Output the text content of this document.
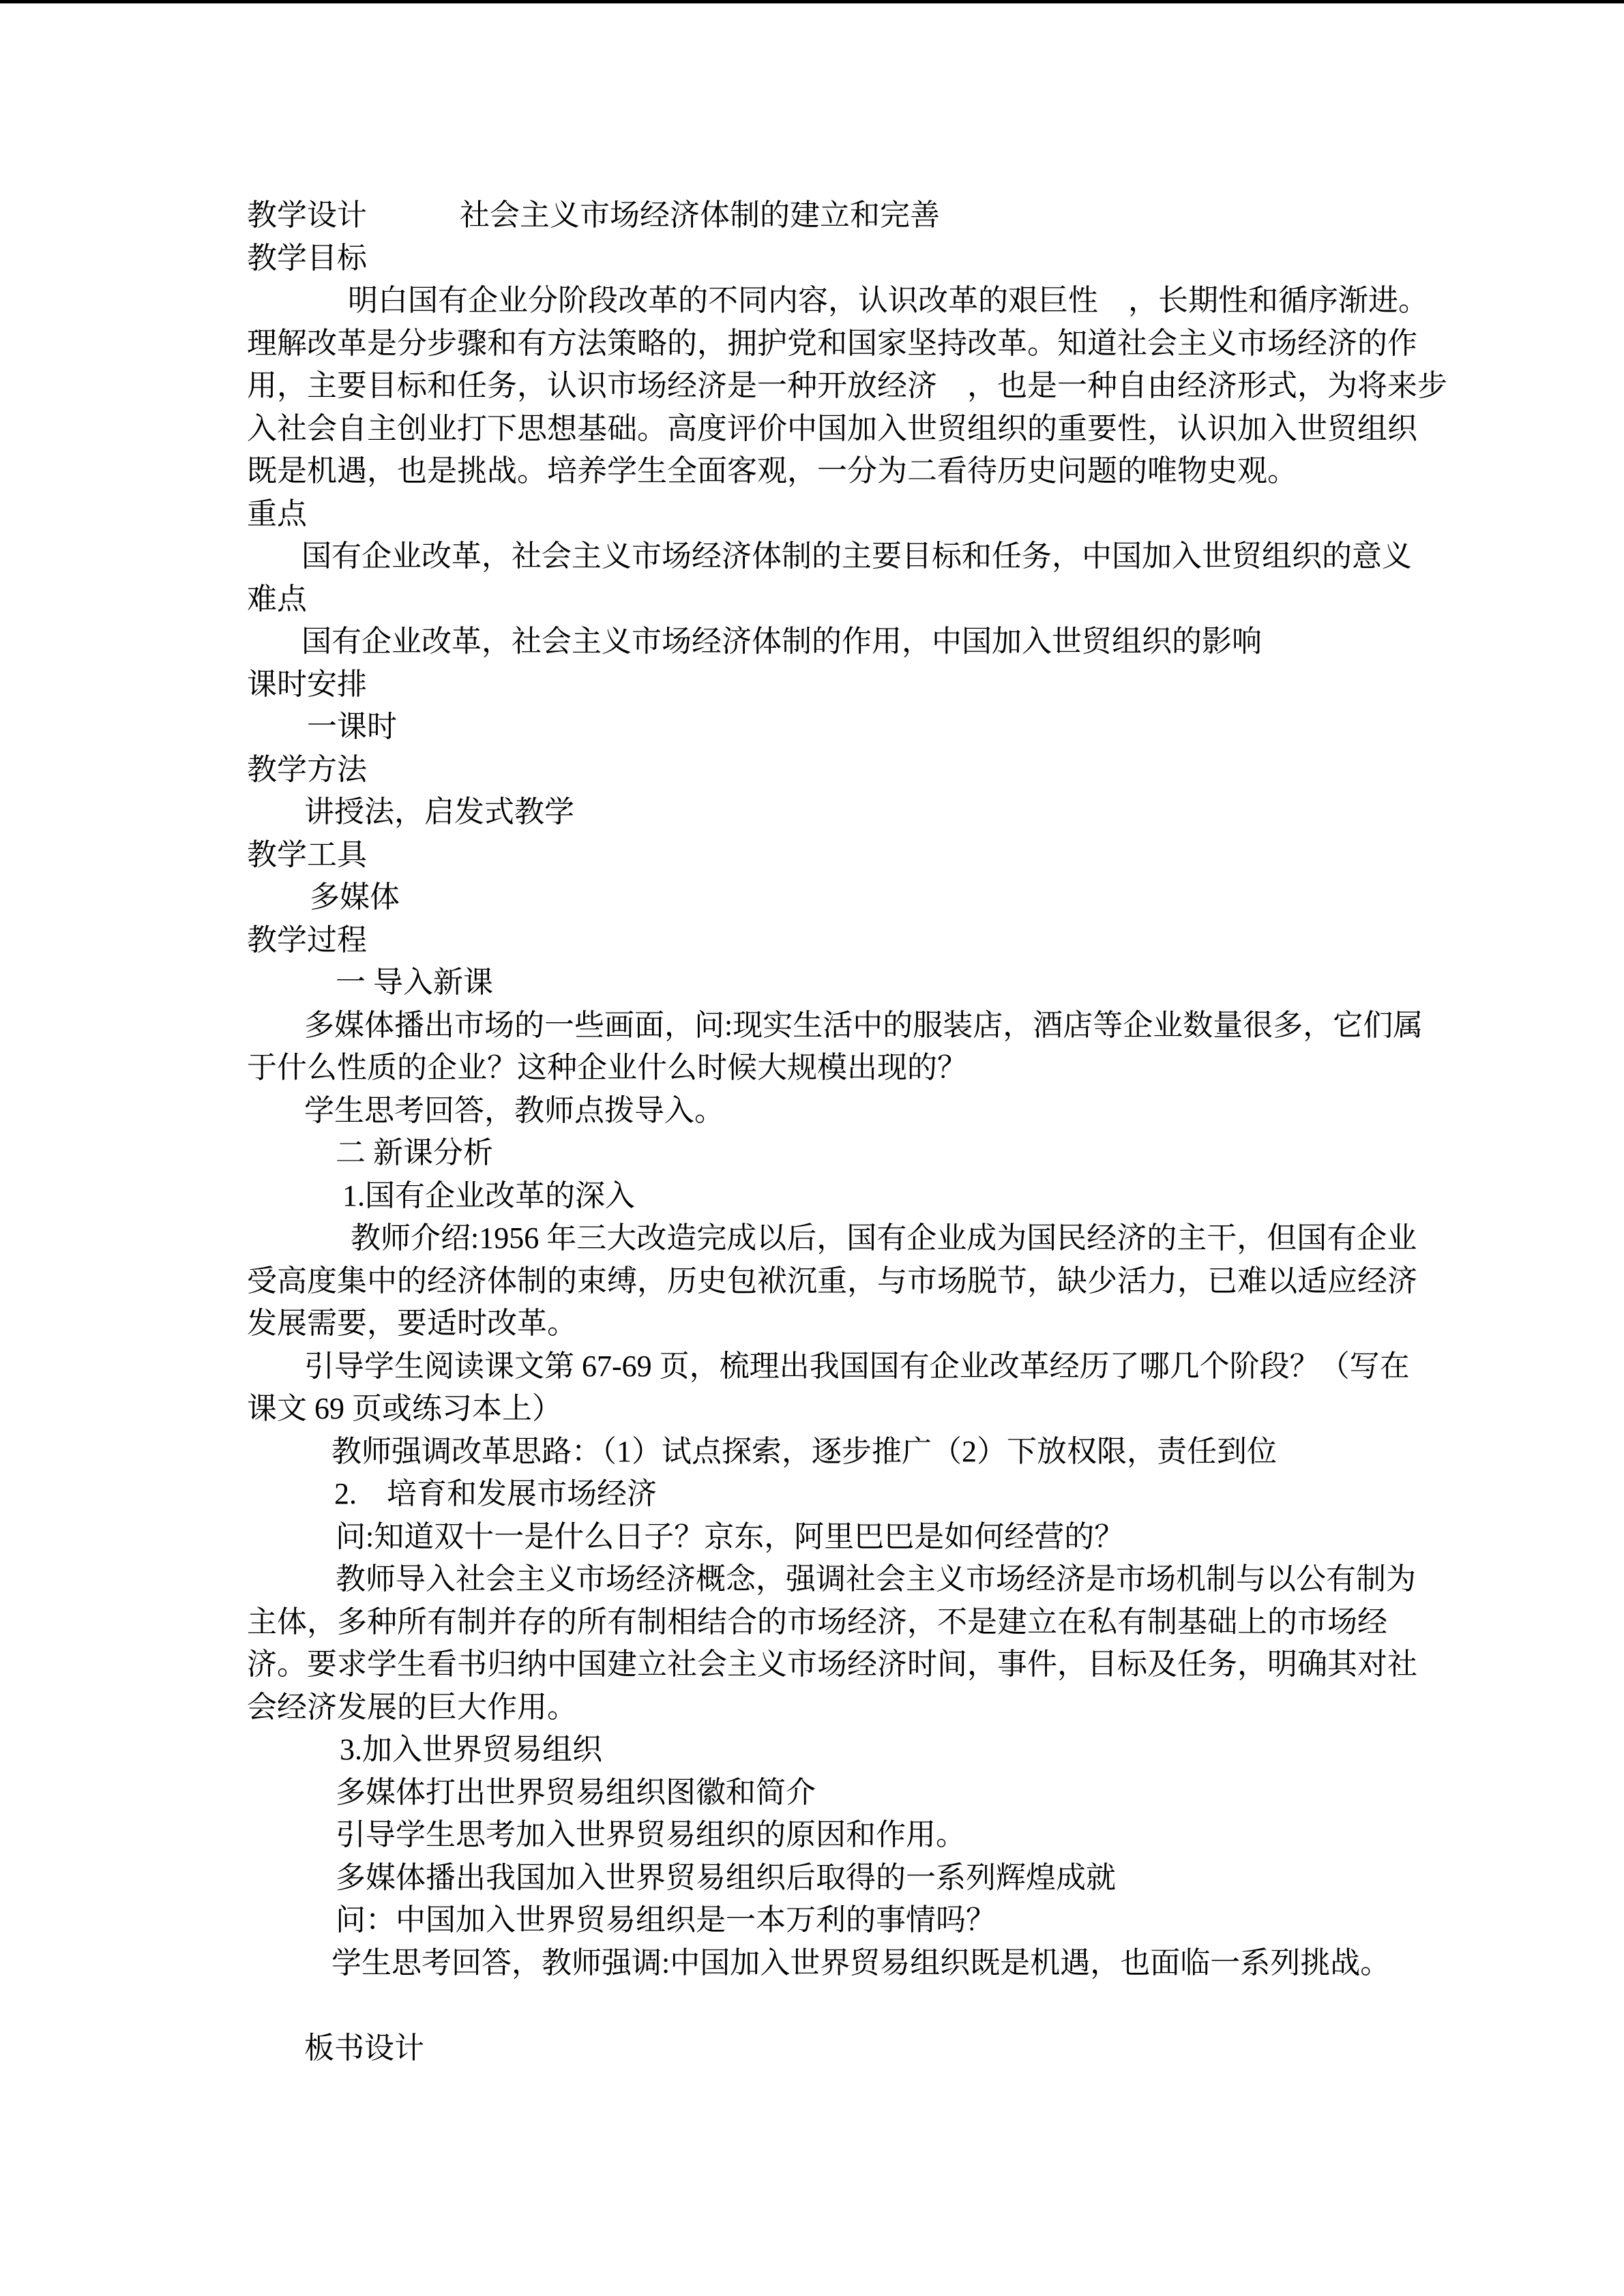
教学设计	社会主义市场经济体制的建立和完善
教学目标
明白国有企业分阶段改革的不同内容，认识改革的艰巨性　，长期性和循序渐进。
理解改革是分步骤和有方法策略的，拥护党和国家坚持改革。知道社会主义市场经济的作
用，主要目标和任务，认识市场经济是一种开放经济　，也是一种自由经济形式，为将来步
入社会自主创业打下思想基础。高度评价中国加入世贸组织的重要性，认识加入世贸组织
既是机遇，也是挑战。培养学生全面客观，一分为二看待历史问题的唯物史观。
重点
国有企业改革，社会主义市场经济体制的主要目标和任务，中国加入世贸组织的意义
难点
国有企业改革，社会主义市场经济体制的作用，中国加入世贸组织的影响
课时安排
一课时
教学方法
讲授法，启发式教学
教学工具
多媒体
教学过程
一 导入新课
多媒体播出市场的一些画面，问:现实生活中的服装店，酒店等企业数量很多，它们属
于什么性质的企业？这种企业什么时候大规模出现的？
学生思考回答，教师点拨导入。
二 新课分析
1.国有企业改革的深入
教师介绍:1956 年三大改造完成以后，国有企业成为国民经济的主干，但国有企业
受高度集中的经济体制的束缚，历史包袱沉重，与市场脱节，缺少活力，已难以适应经济
发展需要，要适时改革。
引导学生阅读课文第 67-69 页，梳理出我国国有企业改革经历了哪几个阶段？（写在
课文 69 页或练习本上）
教师强调改革思路：（1）试点探索，逐步推广（2）下放权限，责任到位
2.　培育和发展市场经济
问:知道双十一是什么日子？京东，阿里巴巴是如何经营的？
教师导入社会主义市场经济概念，强调社会主义市场经济是市场机制与以公有制为
主体，多种所有制并存的所有制相结合的市场经济，不是建立在私有制基础上的市场经
济。要求学生看书归纳中国建立社会主义市场经济时间，事件，目标及任务，明确其对社
会经济发展的巨大作用。
3.加入世界贸易组织
多媒体打出世界贸易组织图徽和简介
引导学生思考加入世界贸易组织的原因和作用。
多媒体播出我国加入世界贸易组织后取得的一系列辉煌成就
问：中国加入世界贸易组织是一本万利的事情吗？
学生思考回答，教师强调:中国加入世界贸易组织既是机遇，也面临一系列挑战。

板书设计
